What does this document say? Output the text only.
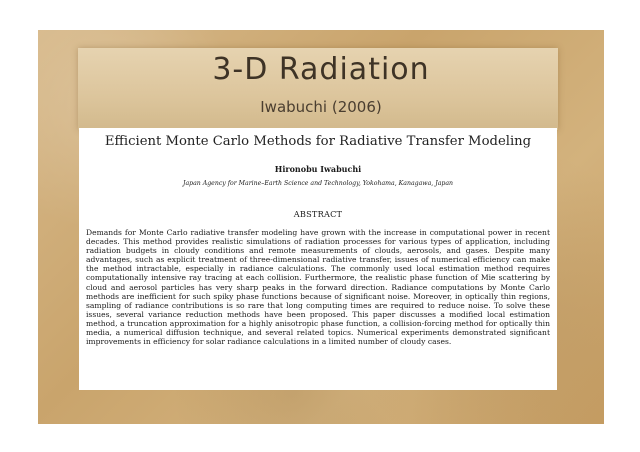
3-D Radiation
Iwabuchi (2006)
Efficient Monte Carlo Methods for Radiative Transfer Modeling
Hironobu Iwabuchi
Japan Agency for Marine–Earth Science and Technology, Yokohama, Kanagawa, Japan
ABSTRACT
Demands for Monte Carlo radiative transfer modeling have grown with the increase in computational power in recent decades. This method provides realistic simulations of radiation processes for various types of application, including radiation budgets in cloudy conditions and remote measurements of clouds, aerosols, and gases. Despite many advantages, such as explicit treatment of three-dimensional radiative transfer, issues of numerical efficiency can make the method intractable, especially in radiance calculations. The commonly used local estimation method requires computationally intensive ray tracing at each collision. Furthermore, the realistic phase function of Mie scattering by cloud and aerosol particles has very sharp peaks in the forward direction. Radiance computations by Monte Carlo methods are inefficient for such spiky phase functions because of significant noise. Moreover, in optically thin regions, sampling of radiance contributions is so rare that long computing times are required to reduce noise. To solve these issues, several variance reduction methods have been proposed. This paper discusses a modified local estimation method, a truncation approximation for a highly anisotropic phase function, a collision-forcing method for optically thin media, a numerical diffusion technique, and several related topics. Numerical experiments demonstrated significant improvements in efficiency for solar radiance calculations in a limited number of cloudy cases.
